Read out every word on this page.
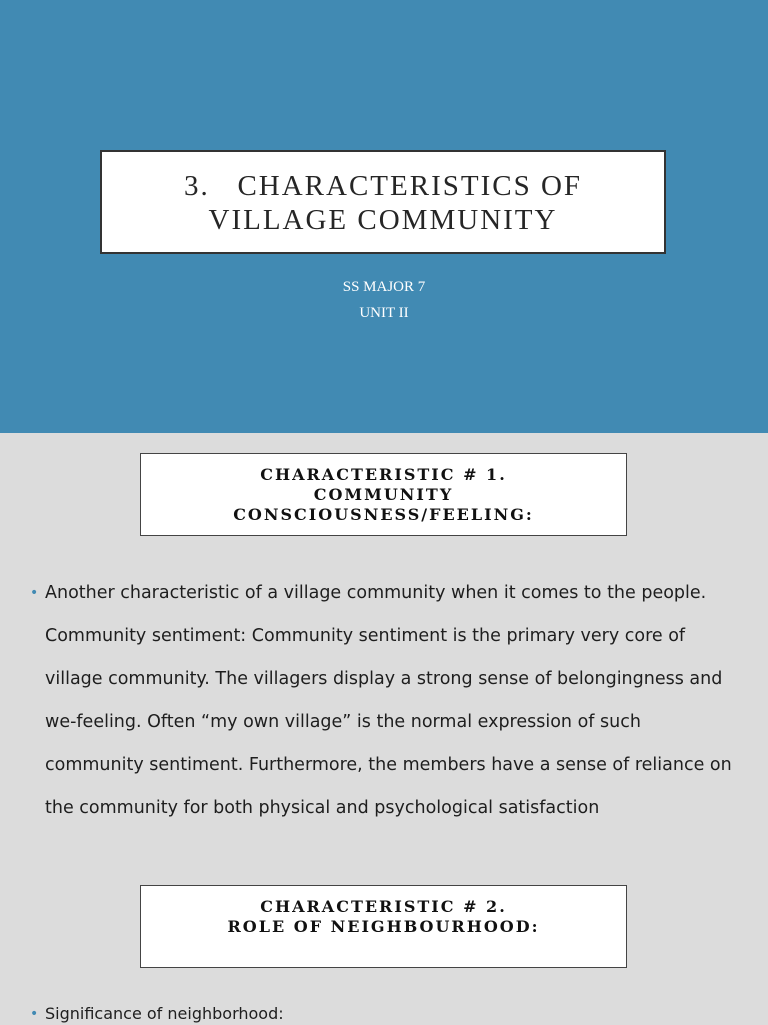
3.   CHARACTERISTICS OF
VILLAGE COMMUNITY

SS MAJOR 7
UNIT II
CHARACTERISTIC # 1.
COMMUNITY
CONSCIOUSNESS/FEELING:
• Another characteristic of a village community when it comes to the people. Community sentiment: Community sentiment is the primary very core of village community. The villagers display a strong sense of belongingness and we-feeling. Often “my own village” is the normal expression of such community sentiment. Furthermore, the members have a sense of reliance on the community for both physical and psychological satisfaction
CHARACTERISTIC # 2.
ROLE OF NEIGHBOURHOOD:
• Significance of neighborhood:
